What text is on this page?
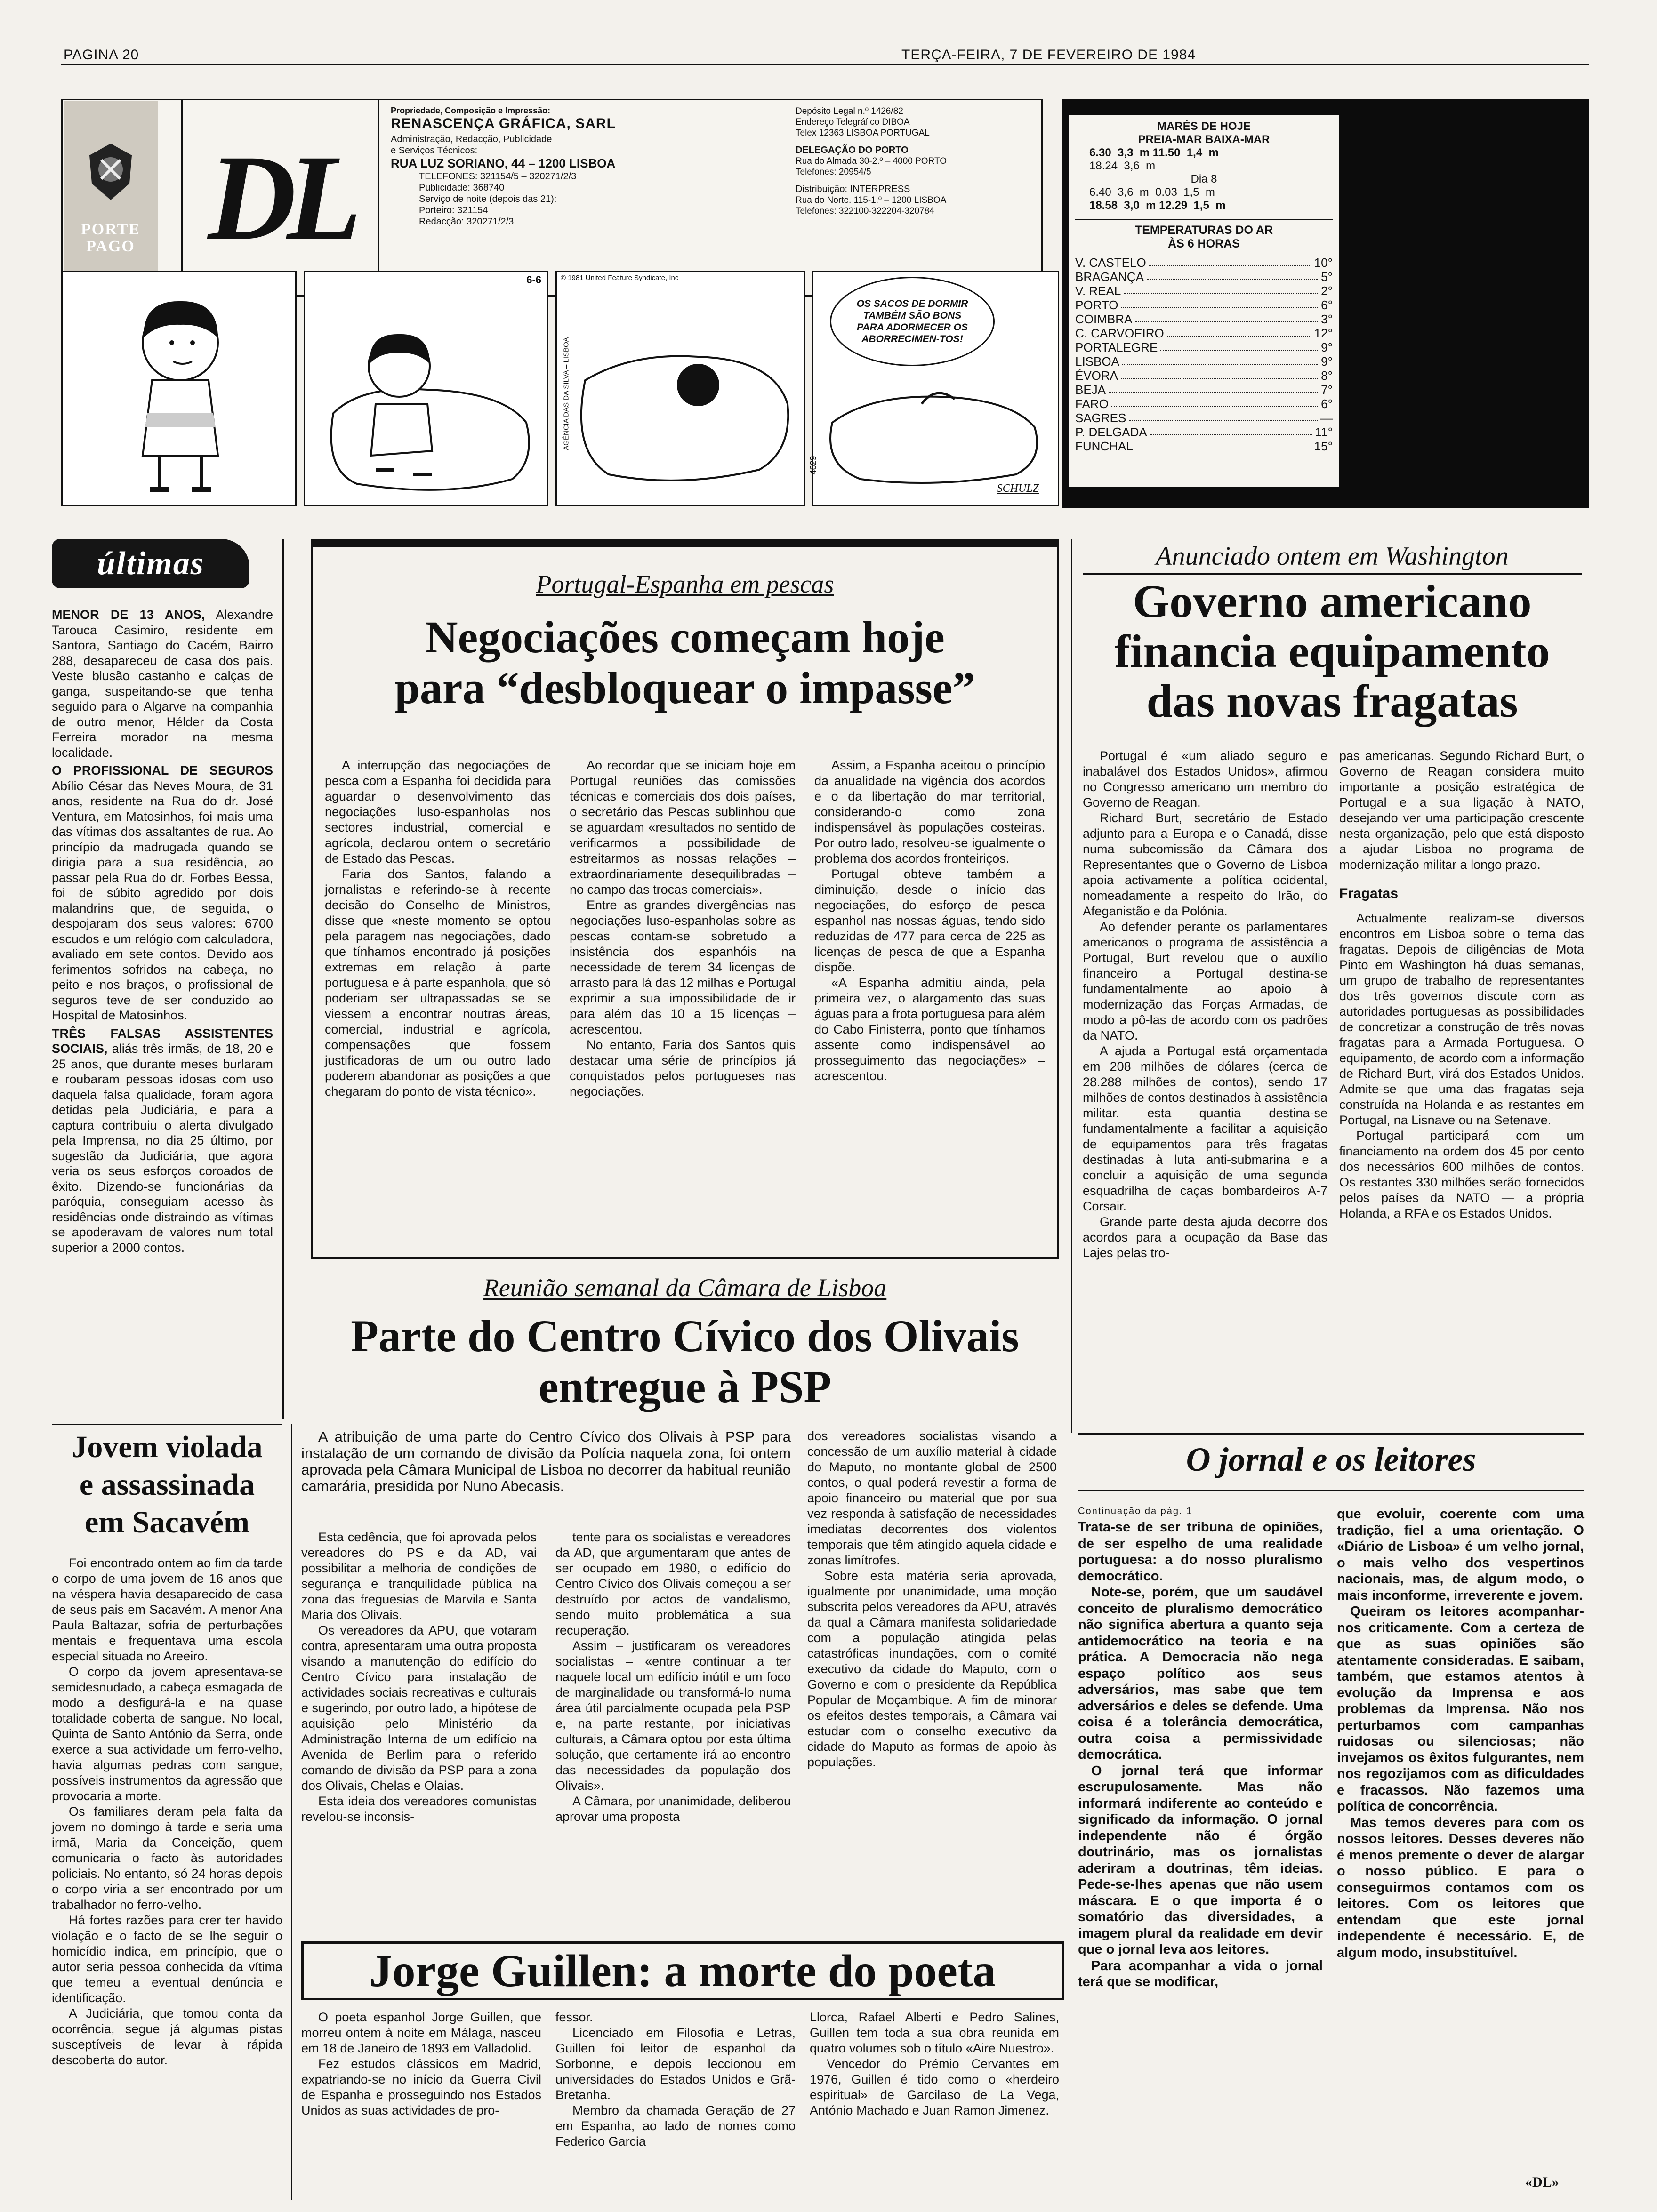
PAGINA 20	TERÇA-FEIRA, 7 DE FEVEREIRO DE 1984
PORTE
PAGO DL
Propriedade, Composição e Impressão:
RENASCENÇA GRÁFICA, SARL
Administração, Redacção, Publicidade
e Serviços Técnicos:
RUA LUZ SORIANO, 44 – 1200 LISBOA
TELEFONES: 321154/5 – 320271/2/3
Publicidade: 368740
Serviço de noite (depois das 21):
Porteiro: 321154
Redacção: 320271/2/3
Depósito Legal n.º 1426/82
Endereço Telegráfico DIBOA
Telex 12363 LISBOA PORTUGAL
DELEGAÇÃO DO PORTO
Rua do Almada 30-2.º – 4000 PORTO
Telefones: 20954/5
Distribuição: INTERPRESS
Rua do Norte. 115-1.º – 1200 LISBOA
Telefones: 322100-322204-320784
MARÉS DE HOJE
PREIA-MAR BAIXA-MAR
6.30  3,3  m 11.50  1,4  m
18.24  3,6  m
Dia 8
6.40  3,6  m  0.03  1,5  m
18.58  3,0  m 12.29  1,5  m
TEMPERATURAS DO AR
ÀS 6 HORAS
V. CASTELO	10°
BRAGANÇA	5°
V. REAL	2°
PORTO	6°
COIMBRA	3°
C. CARVOEIRO	12°
PORTALEGRE	9°
LISBOA	9°
ÉVORA	8°
BEJA	7°
FARO	6°
SAGRES	—
P. DELGADA	11°
FUNCHAL	15°
6-6	© 1981 United Feature Syndicate, Inc
AGÊNCIA DAS DA SILVA – LISBOA
OS SACOS DE DORMIR TAMBÉM SÃO BONS PARA ADORMECER OS ABORRECIMEN-TOS!
4629
SCHULZ
últimas

MENOR DE 13 ANOS, Alexandre Tarouca Casimiro, residente em Santora, Santiago do Cacém, Bairro 288, desapareceu de casa dos pais. Veste blusão castanho e calças de ganga, suspeitando-se que tenha seguido para o Algarve na companhia de outro menor, Hélder da Costa Ferreira morador na mesma localidade.

O PROFISSIONAL DE SEGUROS Abílio César das Neves Moura, de 31 anos, residente na Rua do dr. José Ventura, em Matosinhos, foi mais uma das vítimas dos assaltantes de rua. Ao princípio da madrugada quando se dirigia para a sua residência, ao passar pela Rua do dr. Forbes Bessa, foi de súbito agredido por dois malandrins que, de seguida, o despojaram dos seus valores: 6700 escudos e um relógio com calculadora, avaliado em sete contos. Devido aos ferimentos sofridos na cabeça, no peito e nos braços, o profissional de seguros teve de ser conduzido ao Hospital de Matosinhos.

TRÊS FALSAS ASSISTENTES SOCIAIS, aliás três irmãs, de 18, 20 e 25 anos, que durante meses burlaram e roubaram pessoas idosas com uso daquela falsa qualidade, foram agora detidas pela Judiciária, e para a captura contribuiu o alerta divulgado pela Imprensa, no dia 25 último, por sugestão da Judiciária, que agora veria os seus esforços coroados de êxito. Dizendo-se funcionárias da paróquia, conseguiam acesso às residências onde distraindo as vítimas se apoderavam de valores num total superior a 2000 contos.

Portugal-Espanha em pescas
Negociações começam hoje
para “desbloquear o impasse”

A interrupção das negociações de pesca com a Espanha foi decidida para aguardar o desenvolvimento das negociações luso-espanholas nos sectores industrial, comercial e agrícola, declarou ontem o secretário de Estado das Pescas.

Faria dos Santos, falando a jornalistas e referindo-se à recente decisão do Conselho de Ministros, disse que «neste momento se optou pela paragem nas negociações, dado que tínhamos encontrado já posições extremas em relação à parte portuguesa e à parte espanhola, que só poderiam ser ultrapassadas se se viessem a encontrar noutras áreas, comercial, industrial e agrícola, compensações que fossem justificadoras de um ou outro lado poderem abandonar as posições a que chegaram do ponto de vista técnico».

Ao recordar que se iniciam hoje em Portugal reuniões das comissões técnicas e comerciais dos dois países, o secretário das Pescas sublinhou que se aguardam «resultados no sentido de verificarmos a possibilidade de estreitarmos as nossas relações – extraordinariamente desequilibradas – no campo das trocas comerciais».

Entre as grandes divergências nas negociações luso-espanholas sobre as pescas contam-se sobretudo a insistência dos espanhóis na necessidade de terem 34 licenças de arrasto para lá das 12 milhas e Portugal exprimir a sua impossibilidade de ir para além das 10 a 15 licenças – acrescentou.

No entanto, Faria dos Santos quis destacar uma série de princípios já conquistados pelos portugueses nas negociações.

Assim, a Espanha aceitou o princípio da anualidade na vigência dos acordos e o da libertação do mar territorial, considerando-o como zona indispensável às populações costeiras. Por outro lado, resolveu-se igualmente o problema dos acordos fronteiriços.

Portugal obteve também a diminuição, desde o início das negociações, do esforço de pesca espanhol nas nossas águas, tendo sido reduzidas de 477 para cerca de 225 as licenças de pesca de que a Espanha dispõe.

«A Espanha admitiu ainda, pela primeira vez, o alargamento das suas águas para a frota portuguesa para além do Cabo Finisterra, ponto que tínhamos assente como indispensável ao prosseguimento das negociações» – acrescentou.

Anunciado ontem em Washington
Governo americano
financia equipamento
das novas fragatas

Portugal é «um aliado seguro e inabalável dos Estados Unidos», afirmou no Congresso americano um membro do Governo de Reagan.

Richard Burt, secretário de Estado adjunto para a Europa e o Canadá, disse numa subcomissão da Câmara dos Representantes que o Governo de Lisboa apoia activamente a política ocidental, nomeadamente a respeito do Irão, do Afeganistão e da Polónia.

Ao defender perante os parlamentares americanos o programa de assistência a Portugal, Burt revelou que o auxílio financeiro a Portugal destina-se fundamentalmente ao apoio à modernização das Forças Armadas, de modo a pô-las de acordo com os padrões da NATO.

A ajuda a Portugal está orçamentada em 208 milhões de dólares (cerca de 28.288 milhões de contos), sendo 17 milhões de contos destinados à assistência militar. esta quantia destina-se fundamentalmente a facilitar a aquisição de equipamentos para três fragatas destinadas à luta anti-submarina e a concluir a aquisição de uma segunda esquadrilha de caças bombardeiros A-7 Corsair.

Grande parte desta ajuda decorre dos acordos para a ocupação da Base das Lajes pelas tro-

pas americanas. Segundo Richard Burt, o Governo de Reagan considera muito importante a posição estratégica de Portugal e a sua ligação à NATO, desejando ver uma participação crescente nesta organização, pelo que está disposto a ajudar Lisboa no programa de modernização militar a longo prazo.

Fragatas

Actualmente realizam-se diversos encontros em Lisboa sobre o tema das fragatas. Depois de diligências de Mota Pinto em Washington há duas semanas, um grupo de trabalho de representantes dos três governos discute com as autoridades portuguesas as possibilidades de concretizar a construção de três novas fragatas para a Armada Portuguesa. O equipamento, de acordo com a informação de Richard Burt, virá dos Estados Unidos. Admite-se que uma das fragatas seja construída na Holanda e as restantes em Portugal, na Lisnave ou na Setenave.

Portugal participará com um financiamento na ordem dos 45 por cento dos necessários 600 milhões de contos. Os restantes 330 milhões serão fornecidos pelos países da NATO — a própria Holanda, a RFA e os Estados Unidos.

Reunião semanal da Câmara de Lisboa
Parte do Centro Cívico dos Olivais
entregue à PSP

A atribuição de uma parte do Centro Cívico dos Olivais à PSP para instalação de um comando de divisão da Polícia naquela zona, foi ontem aprovada pela Câmara Municipal de Lisboa no decorrer da habitual reunião camarária, presidida por Nuno Abecasis.

Esta cedência, que foi aprovada pelos vereadores do PS e da AD, vai possibilitar a melhoria de condições de segurança e tranquilidade pública na zona das freguesias de Marvila e Santa Maria dos Olivais.

Os vereadores da APU, que votaram contra, apresentaram uma outra proposta visando a manutenção do edifício do Centro Cívico para instalação de actividades sociais recreativas e culturais e sugerindo, por outro lado, a hipótese de aquisição pelo Ministério da Administração Interna de um edifício na Avenida de Berlim para o referido comando de divisão da PSP para a zona dos Olivais, Chelas e Olaias.

Esta ideia dos vereadores comunistas revelou-se inconsis-

tente para os socialistas e vereadores da AD, que argumentaram que antes de ser ocupado em 1980, o edifício do Centro Cívico dos Olivais começou a ser destruído por actos de vandalismo, sendo muito problemática a sua recuperação.

Assim – justificaram os vereadores socialistas – «entre continuar a ter naquele local um edifício inútil e um foco de marginalidade ou transformá-lo numa área útil parcialmente ocupada pela PSP e, na parte restante, por iniciativas culturais, a Câmara optou por esta última solução, que certamente irá ao encontro das necessidades da população dos Olivais».

A Câmara, por unanimidade, deliberou aprovar uma proposta

dos vereadores socialistas visando a concessão de um auxílio material à cidade do Maputo, no montante global de 2500 contos, o qual poderá revestir a forma de apoio financeiro ou material que por sua vez responda à satisfação de necessidades imediatas decorrentes dos violentos temporais que têm atingido aquela cidade e zonas limítrofes.

Sobre esta matéria seria aprovada, igualmente por unanimidade, uma moção subscrita pelos vereadores da APU, através da qual a Câmara manifesta solidariedade com a população atingida pelas catastróficas inundações, com o comité executivo da cidade do Maputo, com o Governo e com o presidente da República Popular de Moçambique. A fim de minorar os efeitos destes temporais, a Câmara vai estudar com o conselho executivo da cidade do Maputo as formas de apoio às populações.

Jovem violada
e assassinada
em Sacavém

Foi encontrado ontem ao fim da tarde o corpo de uma jovem de 16 anos que na véspera havia desaparecido de casa de seus pais em Sacavém. A menor Ana Paula Baltazar, sofria de perturbações mentais e frequentava uma escola especial situada no Areeiro.

O corpo da jovem apresentava-se semidesnudado, a cabeça esmagada de modo a desfigurá-la e na quase totalidade coberta de sangue. No local, Quinta de Santo António da Serra, onde exerce a sua actividade um ferro-velho, havia algumas pedras com sangue, possíveis instrumentos da agressão que provocaria a morte.

Os familiares deram pela falta da jovem no domingo à tarde e seria uma irmã, Maria da Conceição, quem comunicaria o facto às autoridades policiais. No entanto, só 24 horas depois o corpo viria a ser encontrado por um trabalhador no ferro-velho.

Há fortes razões para crer ter havido violação e o facto de se lhe seguir o homicídio indica, em princípio, que o autor seria pessoa conhecida da vítima que temeu a eventual denúncia e identificação.

A Judiciária, que tomou conta da ocorrência, segue já algumas pistas susceptíveis de levar à rápida descoberta do autor.

Jorge Guillen: a morte do poeta

O poeta espanhol Jorge Guillen, que morreu ontem à noite em Málaga, nasceu em 18 de Janeiro de 1893 em Valladolid.

Fez estudos clássicos em Madrid, expatriando-se no início da Guerra Civil de Espanha e prosseguindo nos Estados Unidos as suas actividades de pro-

fessor.

Licenciado em Filosofia e Letras, Guillen foi leitor de espanhol da Sorbonne, e depois leccionou em universidades do Estados Unidos e Grã-Bretanha.

Membro da chamada Geração de 27 em Espanha, ao lado de nomes como Federico Garcia

Llorca, Rafael Alberti e Pedro Salines, Guillen tem toda a sua obra reunida em quatro volumes sob o título «Aire Nuestro».

Vencedor do Prémio Cervantes em 1976, Guillen é tido como o «herdeiro espiritual» de Garcilaso de La Vega, António Machado e Juan Ramon Jimenez.

O jornal e os leitores
Continuação da pág. 1

Trata-se de ser tribuna de opiniões, de ser espelho de uma realidade portuguesa: a do nosso pluralismo democrático.

Note-se, porém, que um saudável conceito de pluralismo democrático não significa abertura a quanto seja antidemocrático na teoria e na prática. A Democracia não nega espaço político aos seus adversários, mas sabe que tem adversários e deles se defende. Uma coisa é a tolerância democrática, outra coisa a permissividade democrática.

O jornal terá que informar escrupulosamente. Mas não informará indiferente ao conteúdo e significado da informação. O jornal independente não é órgão doutrinário, mas os jornalistas aderiram a doutrinas, têm ideias. Pede-se-lhes apenas que não usem máscara. E o que importa é o somatório das diversidades, a imagem plural da realidade em devir que o jornal leva aos leitores.

Para acompanhar a vida o jornal terá que se modificar,

que evoluir, coerente com uma tradição, fiel a uma orientação. O «Diário de Lisboa» é um velho jornal, o mais velho dos vespertinos nacionais, mas, de algum modo, o mais inconforme, irreverente e jovem.

Queiram os leitores acompanhar-nos criticamente. Com a certeza de que as suas opiniões são atentamente consideradas. E saibam, também, que estamos atentos à evolução da Imprensa e aos problemas da Imprensa. Não nos perturbamos com campanhas ruidosas ou silenciosas; não invejamos os êxitos fulgurantes, nem nos regozijamos com as dificuldades e fracassos. Não fazemos uma política de concorrência.

Mas temos deveres para com os nossos leitores. Desses deveres não é menos premente o dever de alargar o nosso público. E para o conseguirmos contamos com os leitores. Com os leitores que entendam que este jornal independente é necessário. E, de algum modo, insubstituível.

«DL»
